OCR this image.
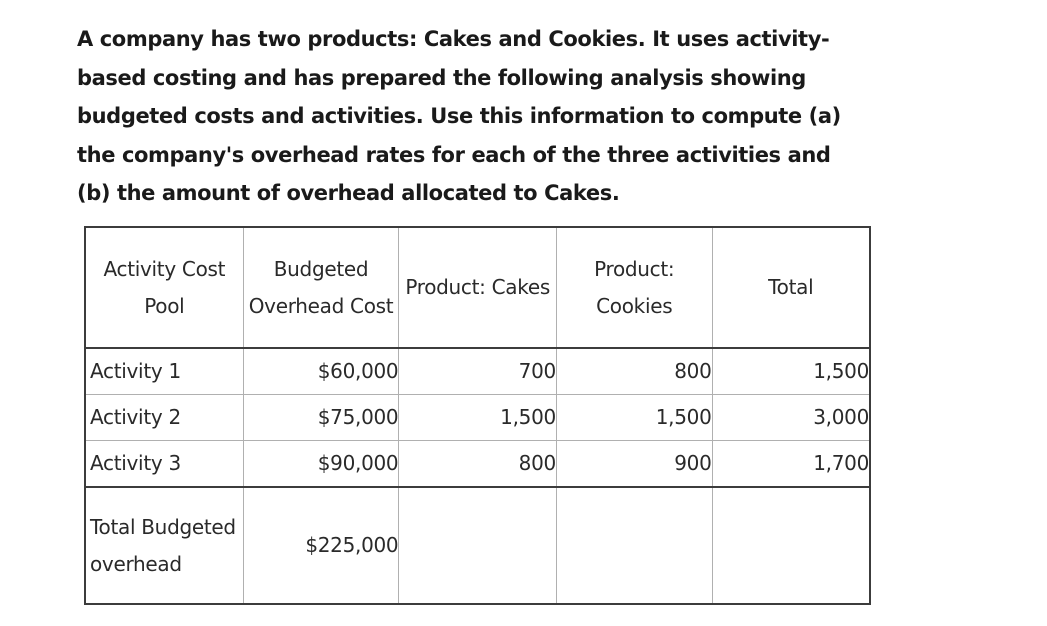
A company has two products: Cakes and Cookies. It uses activity-based costing and has prepared the following analysis showing budgeted costs and activities. Use this information to compute (a) the company's overhead rates for each of the three activities and (b) the amount of overhead allocated to Cakes.

Activity Cost Pool	Budgeted Overhead Cost	Product: Cakes	Product: Cookies	Total
Activity 1	$60,000	700	800	1,500
Activity 2	$75,000	1,500	1,500	3,000
Activity 3	$90,000	800	900	1,700
Total Budgeted overhead	$225,000			
